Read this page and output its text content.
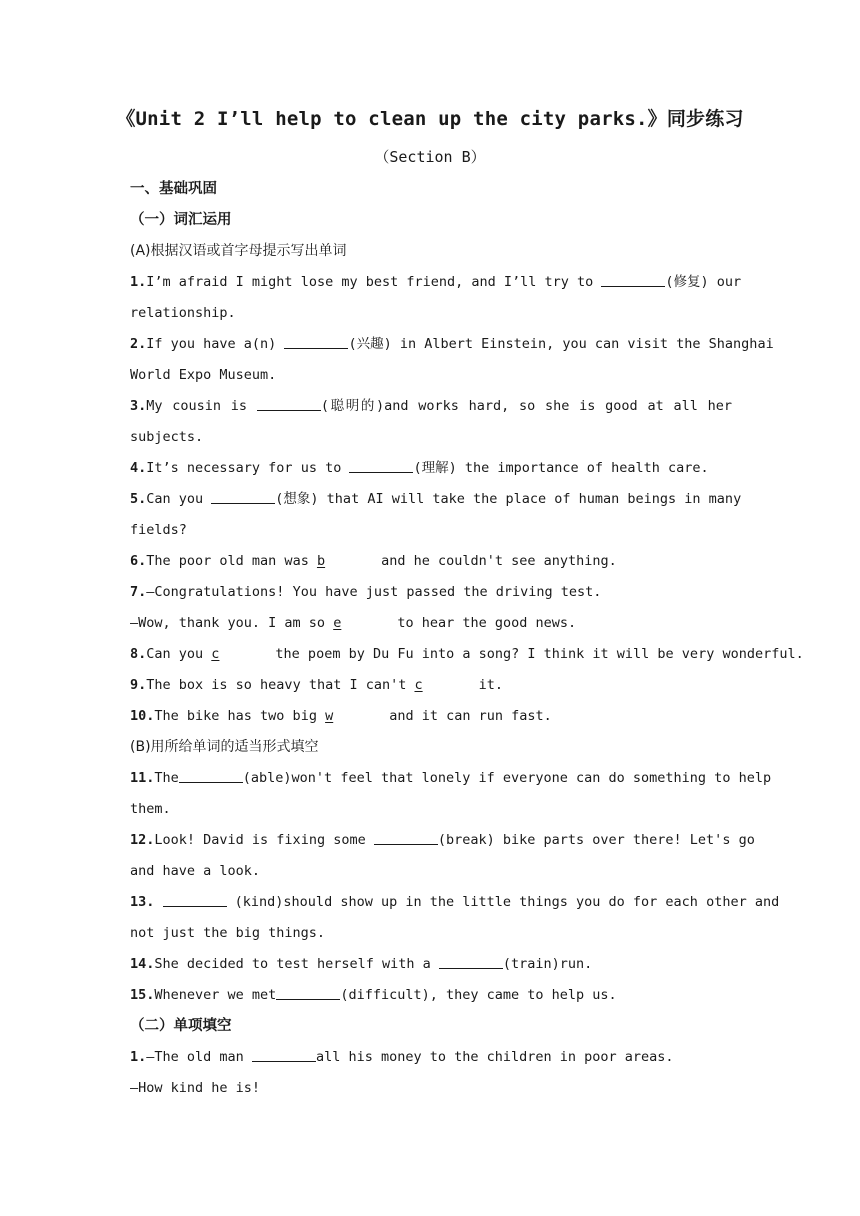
《Unit 2 I’ll help to clean up the city parks.》同步练习
（Section B）
一、基础巩固
（一）词汇运用
(A)根据汉语或首字母提示写出单词
1.I’m afraid I might lose my best friend, and I’ll try to	(修复) our
relationship.
2.If you have a(n)	(兴趣) in Albert Einstein, you can visit the Shanghai
World Expo Museum.
3.My cousin is	(聪明的)and works hard, so she is good at all her
subjects.
4.It’s necessary for us to	(理解) the importance of health care.
5.Can you	(想象) that AI will take the place of human beings in many
fields?
6.The poor old man was b	and he couldn't see anything.
7.—Congratulations! You have just passed the driving test.
—Wow, thank you. I am so e	to hear the good news.
8.Can you c	the poem by Du Fu into a song? I think it will be very wonderful.
9.The box is so heavy that I can't c	it.
10.The bike has two big w	and it can run fast.
(B)用所给单词的适当形式填空
11.The	(able)won't feel that lonely if everyone can do something to help
them.
12.Look! David is fixing some	(break) bike parts over there! Let's go
and have a look.
13.	(kind)should show up in the little things you do for each other and
not just the big things.
14.She decided to test herself with a	(train)run.
15.Whenever we met	(difficult), they came to help us.
（二）单项填空
1.—The old man	all his money to the children in poor areas.
—How kind he is!
